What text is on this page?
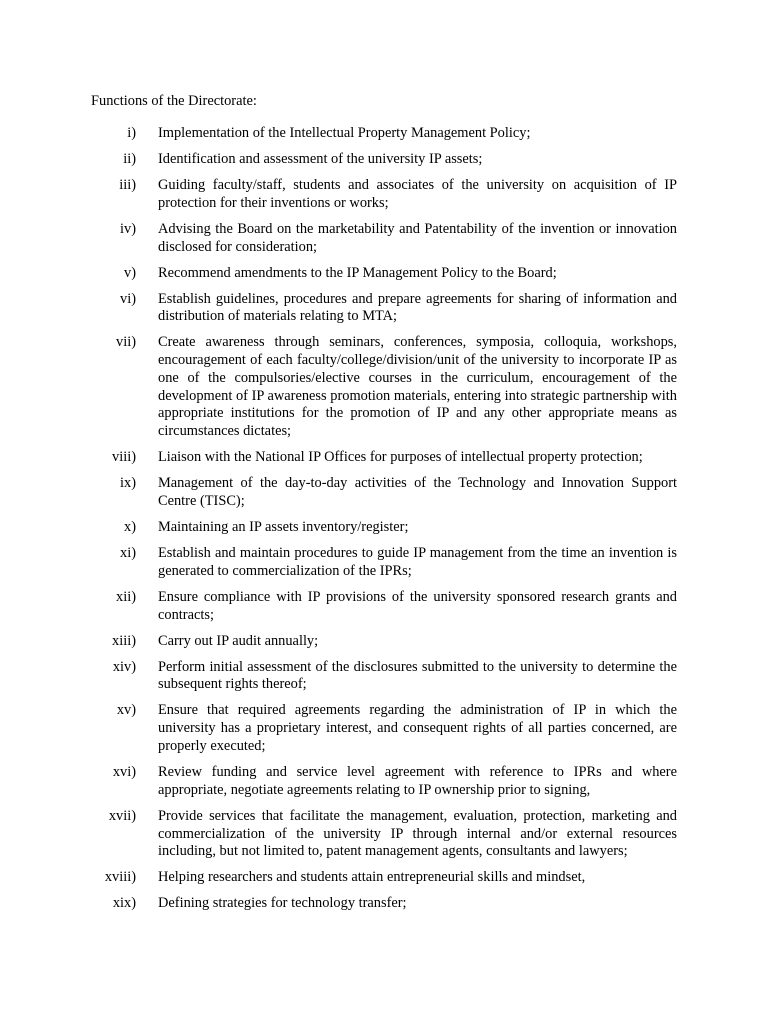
Functions of the Directorate:

i) Implementation of the Intellectual Property Management Policy;
ii) Identification and assessment of the university IP assets;
iii) Guiding faculty/staff, students and associates of the university on acquisition of IP protection for their inventions or works;
iv) Advising the Board on the marketability and Patentability of the invention or innovation disclosed for consideration;
v) Recommend amendments to the IP Management Policy to the Board;
vi) Establish guidelines, procedures and prepare agreements for sharing of information and distribution of materials relating to MTA;
vii) Create awareness through seminars, conferences, symposia, colloquia, workshops, encouragement of each faculty/college/division/unit of the university to incorporate IP as one of the compulsories/elective courses in the curriculum, encouragement of the development of IP awareness promotion materials, entering into strategic partnership with appropriate institutions for the promotion of IP and any other appropriate means as circumstances dictates;
viii) Liaison with the National IP Offices for purposes of intellectual property protection;
ix) Management of the day-to-day activities of the Technology and Innovation Support Centre (TISC);
x) Maintaining an IP assets inventory/register;
xi) Establish and maintain procedures to guide IP management from the time an invention is generated to commercialization of the IPRs;
xii) Ensure compliance with IP provisions of the university sponsored research grants and contracts;
xiii) Carry out IP audit annually;
xiv) Perform initial assessment of the disclosures submitted to the university to determine the subsequent rights thereof;
xv) Ensure that required agreements regarding the administration of IP in which the university has a proprietary interest, and consequent rights of all parties concerned, are properly executed;
xvi) Review funding and service level agreement with reference to IPRs and where appropriate, negotiate agreements relating to IP ownership prior to signing,
xvii) Provide services that facilitate the management, evaluation, protection, marketing and commercialization of the university IP through internal and/or external resources including, but not limited to, patent management agents, consultants and lawyers;
xviii) Helping researchers and students attain entrepreneurial skills and mindset,
xix) Defining strategies for technology transfer;
